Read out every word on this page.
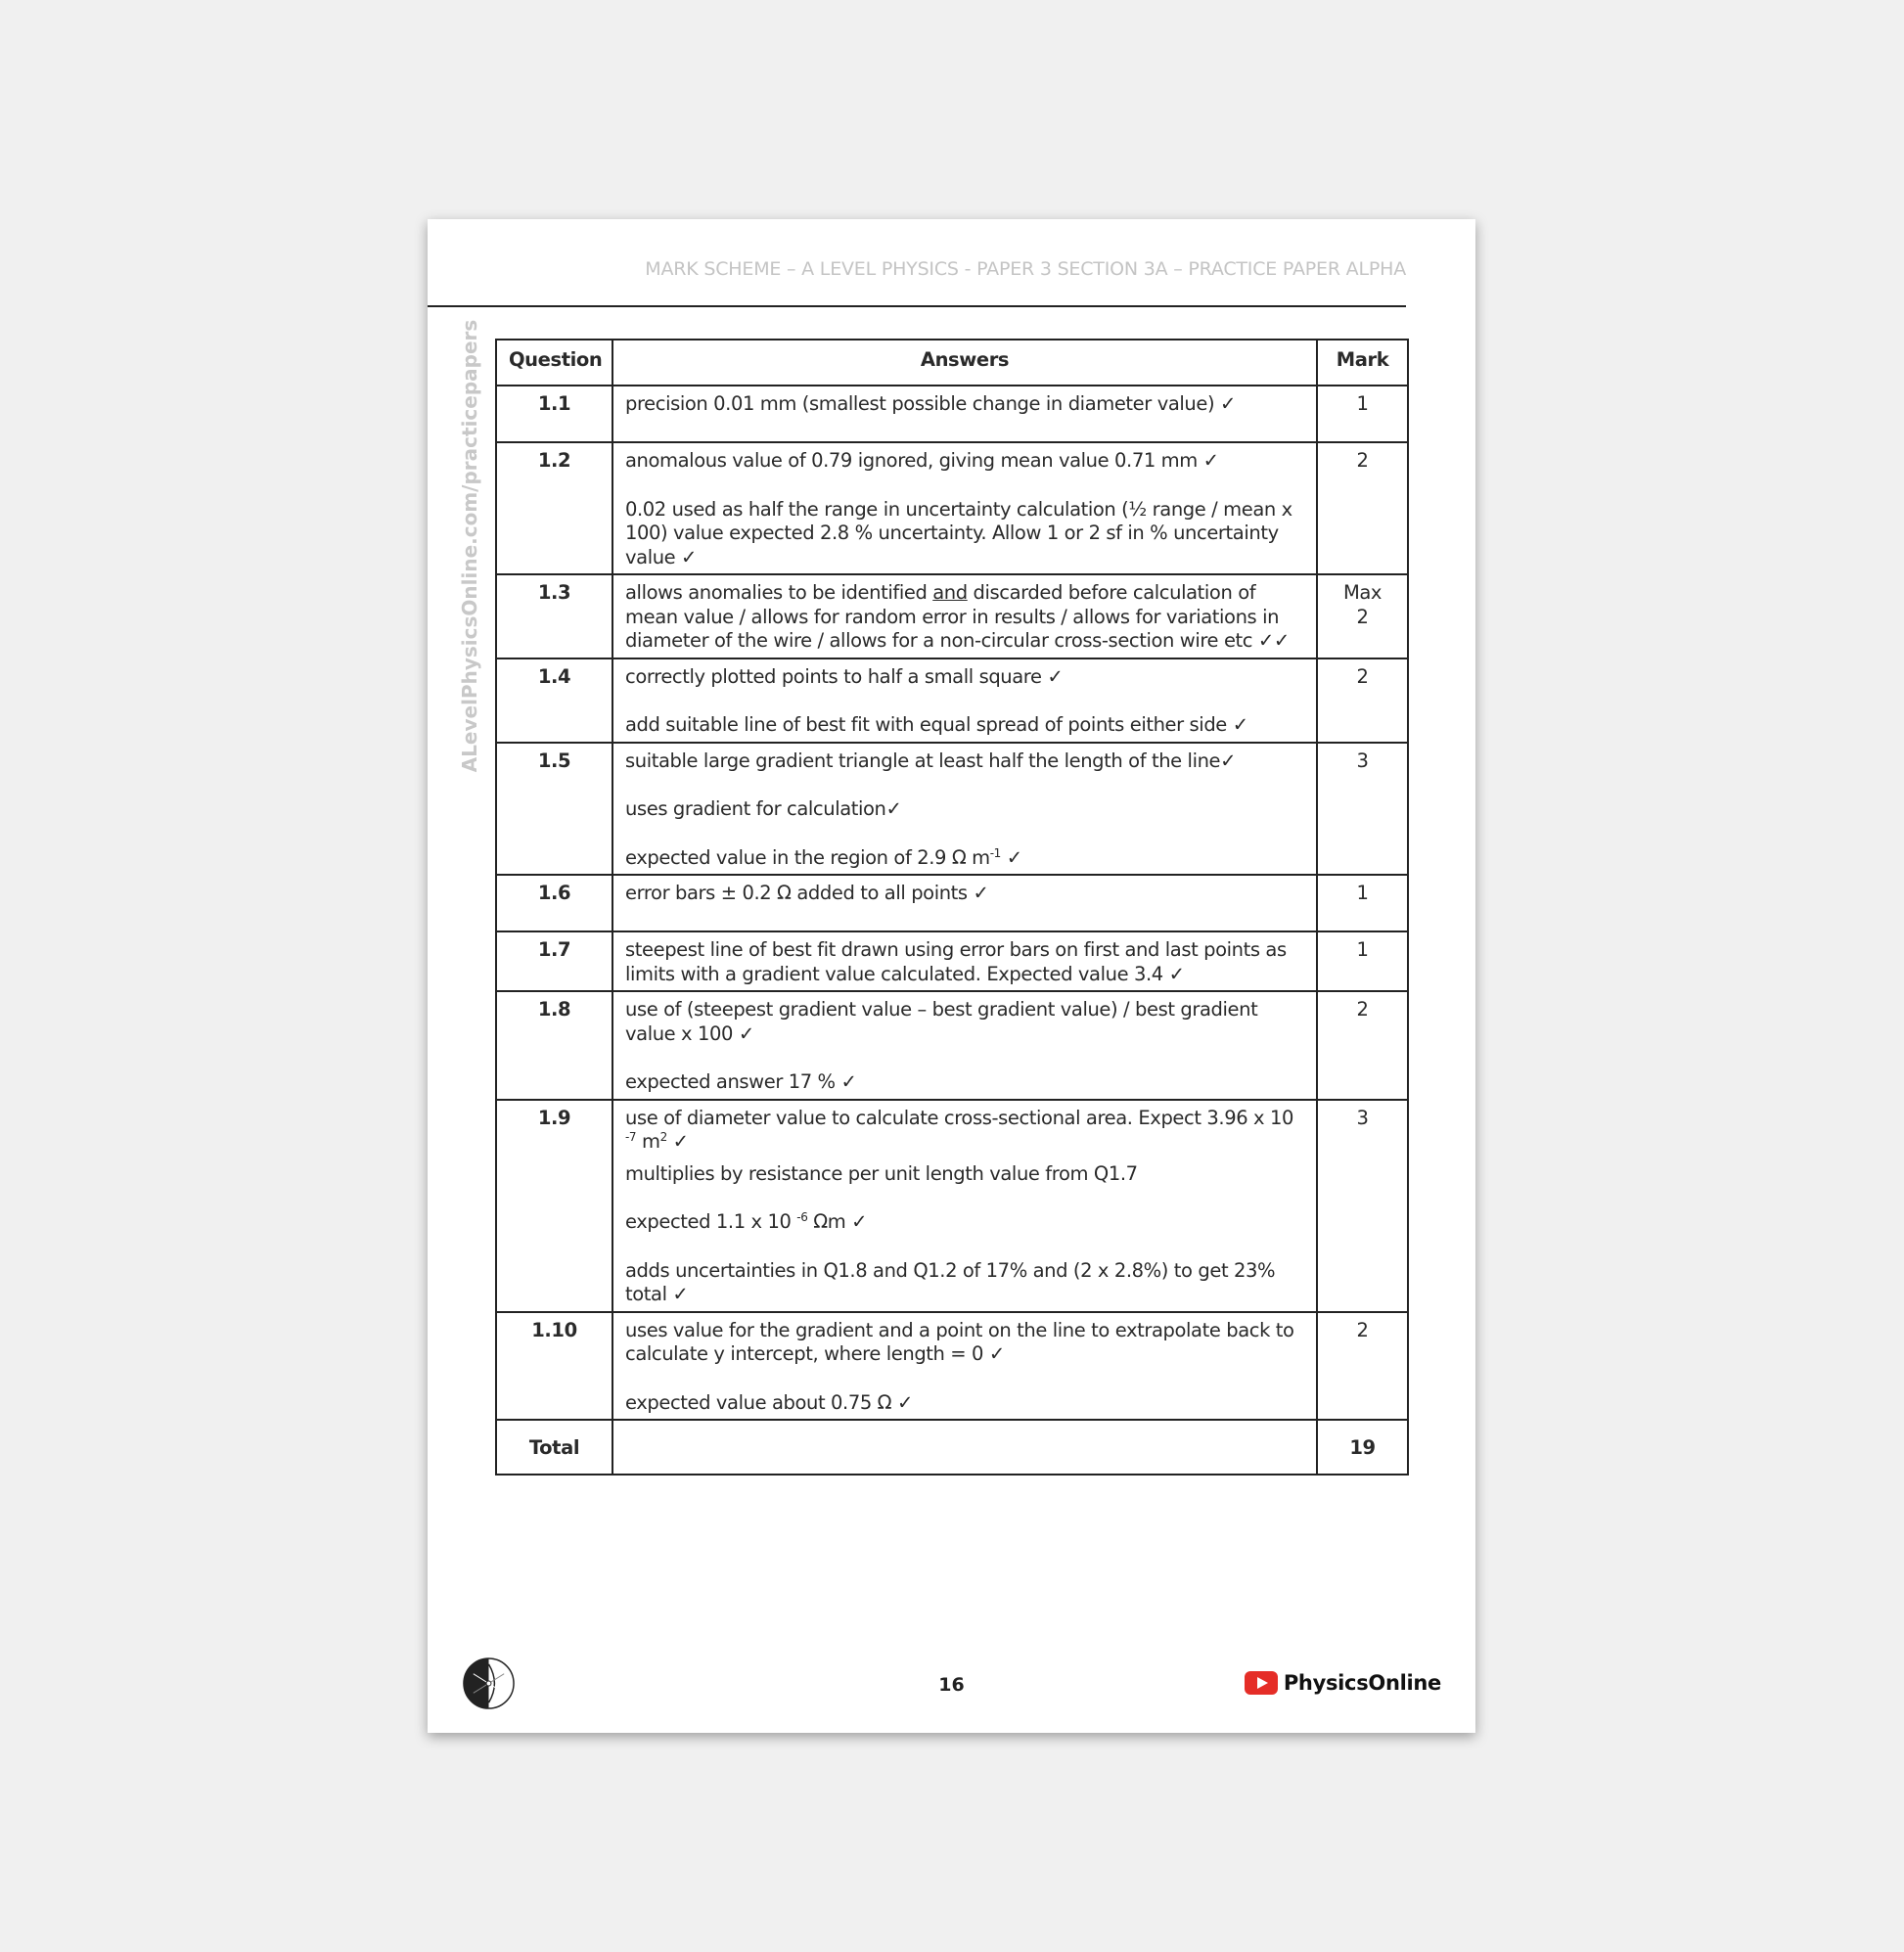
MARK SCHEME – A LEVEL PHYSICS - PAPER 3 SECTION 3A – PRACTICE PAPER ALPHA
ALevelPhysicsOnline.com/practicepapers Question	Answers	Mark
1.1	precision 0.01 mm (smallest possible change in diameter value) ✓	1
1.2	anomalous value of 0.79 ignored, giving mean value 0.71 mm ✓

0.02 used as half the range in uncertainty calculation (½ range / mean x 100) value expected 2.8 % uncertainty. Allow 1 or 2 sf in % uncertainty value ✓	2
1.3	allows anomalies to be identified and discarded before calculation of mean value / allows for random error in results / allows for variations in diameter of the wire / allows for a non-circular cross-section wire etc ✓✓	Max
2

1.4	correctly plotted points to half a small square ✓

add suitable line of best fit with equal spread of points either side ✓	2
1.5	suitable large gradient triangle at least half the length of the line✓

uses gradient for calculation✓

expected value in the region of 2.9 Ω $m^{-1}$ ✓	3
1.6	error bars ± 0.2 Ω added to all points ✓	1
1.7	steepest line of best fit drawn using error bars on first and last points as limits with a gradient value calculated. Expected value 3.4 ✓	1
1.8	use of (steepest gradient value – best gradient value) / best gradient value x 100 ✓

expected answer 17 % ✓	2
1.9	use of diameter value to calculate cross-sectional area. Expect 3.96 x 10 $^{-7}$ $m^2$ ✓

multiplies by resistance per unit length value from Q1.7

expected 1.1 x 10 $^{-6}$ Ωm ✓

adds uncertainties in Q1.8 and Q1.2 of 17% and (2 x 2.8%) to get 23% total ✓	3
1.10	uses value for the gradient and a point on the line to extrapolate back to calculate y intercept, where length = 0 ✓

expected value about 0.75 Ω ✓	2
Total		19
16	PhysicsOnline
